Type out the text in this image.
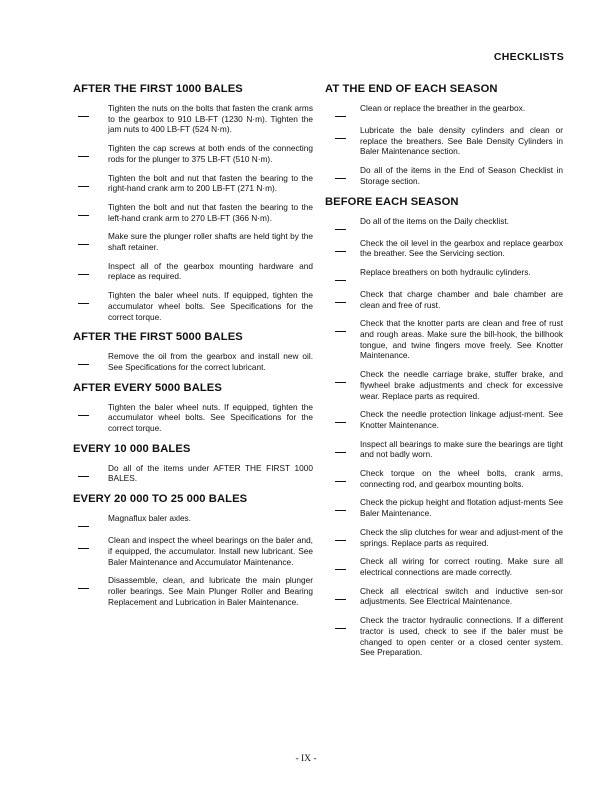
CHECKLISTS
AFTER THE FIRST 1000 BALES
Tighten the nuts on the bolts that fasten the crank arms to the gearbox to 910 LB-FT (1230 N·m). Tighten the jam nuts to 400 LB-FT (524 N·m).
Tighten the cap screws at both ends of the connecting rods for the plunger to 375 LB-FT (510 N·m).
Tighten the bolt and nut that fasten the bearing to the right-hand crank arm to 200 LB-FT (271 N·m).
Tighten the bolt and nut that fasten the bearing to the left-hand crank arm to 270 LB-FT (366 N·m).
Make sure the plunger roller shafts are held tight by the shaft retainer.
Inspect all of the gearbox mounting hardware and replace as required.
Tighten the baler wheel nuts. If equipped, tighten the accumulator wheel bolts. See Specifications for the correct torque.
AFTER THE FIRST 5000 BALES
Remove the oil from the gearbox and install new oil. See Specifications for the correct lubricant.
AFTER EVERY 5000 BALES
Tighten the baler wheel nuts. If equipped, tighten the accumulator wheel bolts. See Specifications for the correct torque.
EVERY 10 000 BALES
Do all of the items under AFTER THE FIRST 1000 BALES.
EVERY 20 000 TO 25 000 BALES
Magnaflux baler axles.
Clean and inspect the wheel bearings on the baler and, if equipped, the accumulator. Install new lubricant. See Baler Maintenance and Accumulator Maintenance.
Disassemble, clean, and lubricate the main plunger roller bearings. See Main Plunger Roller and Bearing Replacement and Lubrication in Baler Maintenance.
AT THE END OF EACH SEASON
Clean or replace the breather in the gearbox.
Lubricate the bale density cylinders and clean or replace the breathers. See Bale Density Cylinders in Baler Maintenance section.
Do all of the items in the End of Season Checklist in Storage section.
BEFORE EACH SEASON
Do all of the items on the Daily checklist.
Check the oil level in the gearbox and replace gearbox the breather. See the Servicing section.
Replace breathers on both hydraulic cylinders.
Check that charge chamber and bale chamber are clean and free of rust.
Check that the knotter parts are clean and free of rust and rough areas. Make sure the bill-hook, the billhook tongue, and twine fingers move freely. See Knotter Maintenance.
Check the needle carriage brake, stuffer brake, and flywheel brake adjustments and check for excessive wear. Replace parts as required.
Check the needle protection linkage adjust-ment. See Knotter Maintenance.
Inspect all bearings to make sure the bearings are tight and not badly worn.
Check torque on the wheel bolts, crank arms, connecting rod, and gearbox mounting bolts.
Check the pickup height and flotation adjust-ments See Baler Maintenance.
Check the slip clutches for wear and adjust-ment of the springs. Replace parts as required.
Check all wiring for correct routing. Make sure all electrical connections are made correctly.
Check all electrical switch and inductive sen-sor adjustments. See Electrical Maintenance.
Check the tractor hydraulic connections. If a different tractor is used, check to see if the baler must be changed to open center or a closed center system. See Preparation.
- IX -
